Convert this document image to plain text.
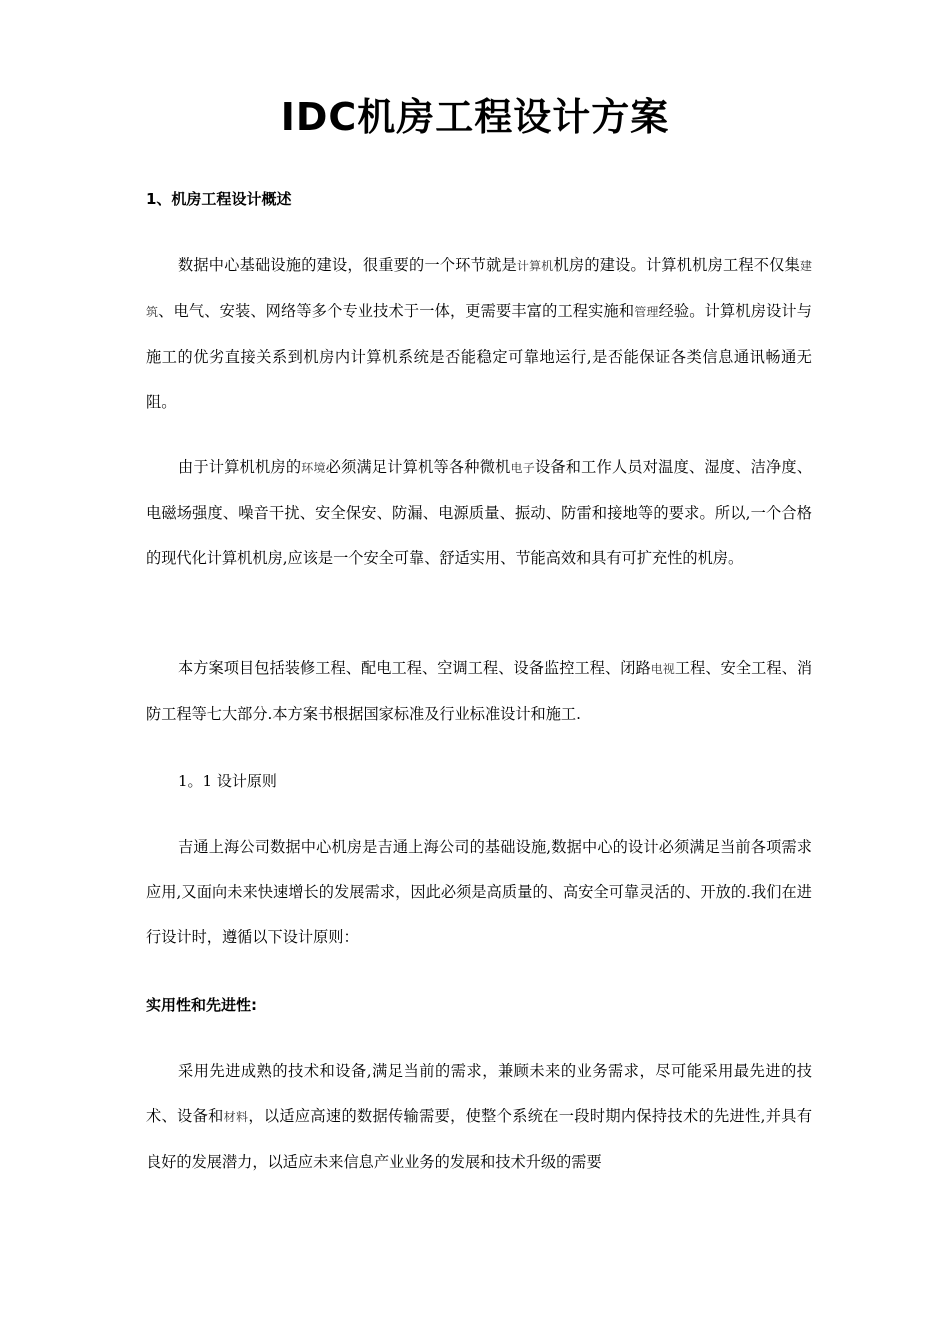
IDC机房工程设计方案
1、机房工程设计概述

数据中心基础设施的建设，很重要的一个环节就是计算机机房的建设。计算机机房工程不仅集建筑、电气、安装、网络等多个专业技术于一体，更需要丰富的工程实施和管理经验。计算机房设计与施工的优劣直接关系到机房内计算机系统是否能稳定可靠地运行,是否能保证各类信息通讯畅通无阻。

由于计算机机房的环境必须满足计算机等各种微机电子设备和工作人员对温度、湿度、洁净度、电磁场强度、噪音干扰、安全保安、防漏、电源质量、振动、防雷和接地等的要求。所以,一个合格的现代化计算机机房,应该是一个安全可靠、舒适实用、节能高效和具有可扩充性的机房。

本方案项目包括装修工程、配电工程、空调工程、设备监控工程、闭路电视工程、安全工程、消防工程等七大部分.本方案书根据国家标准及行业标准设计和施工.

1。1 设计原则

吉通上海公司数据中心机房是吉通上海公司的基础设施,数据中心的设计必须满足当前各项需求应用,又面向未来快速增长的发展需求，因此必须是高质量的、高安全可靠灵活的、开放的.我们在进行设计时，遵循以下设计原则：

实用性和先进性:

采用先进成熟的技术和设备,满足当前的需求，兼顾未来的业务需求，尽可能采用最先进的技术、设备和材料，以适应高速的数据传输需要，使整个系统在一段时期内保持技术的先进性,并具有良好的发展潜力，以适应未来信息产业业务的发展和技术升级的需要
